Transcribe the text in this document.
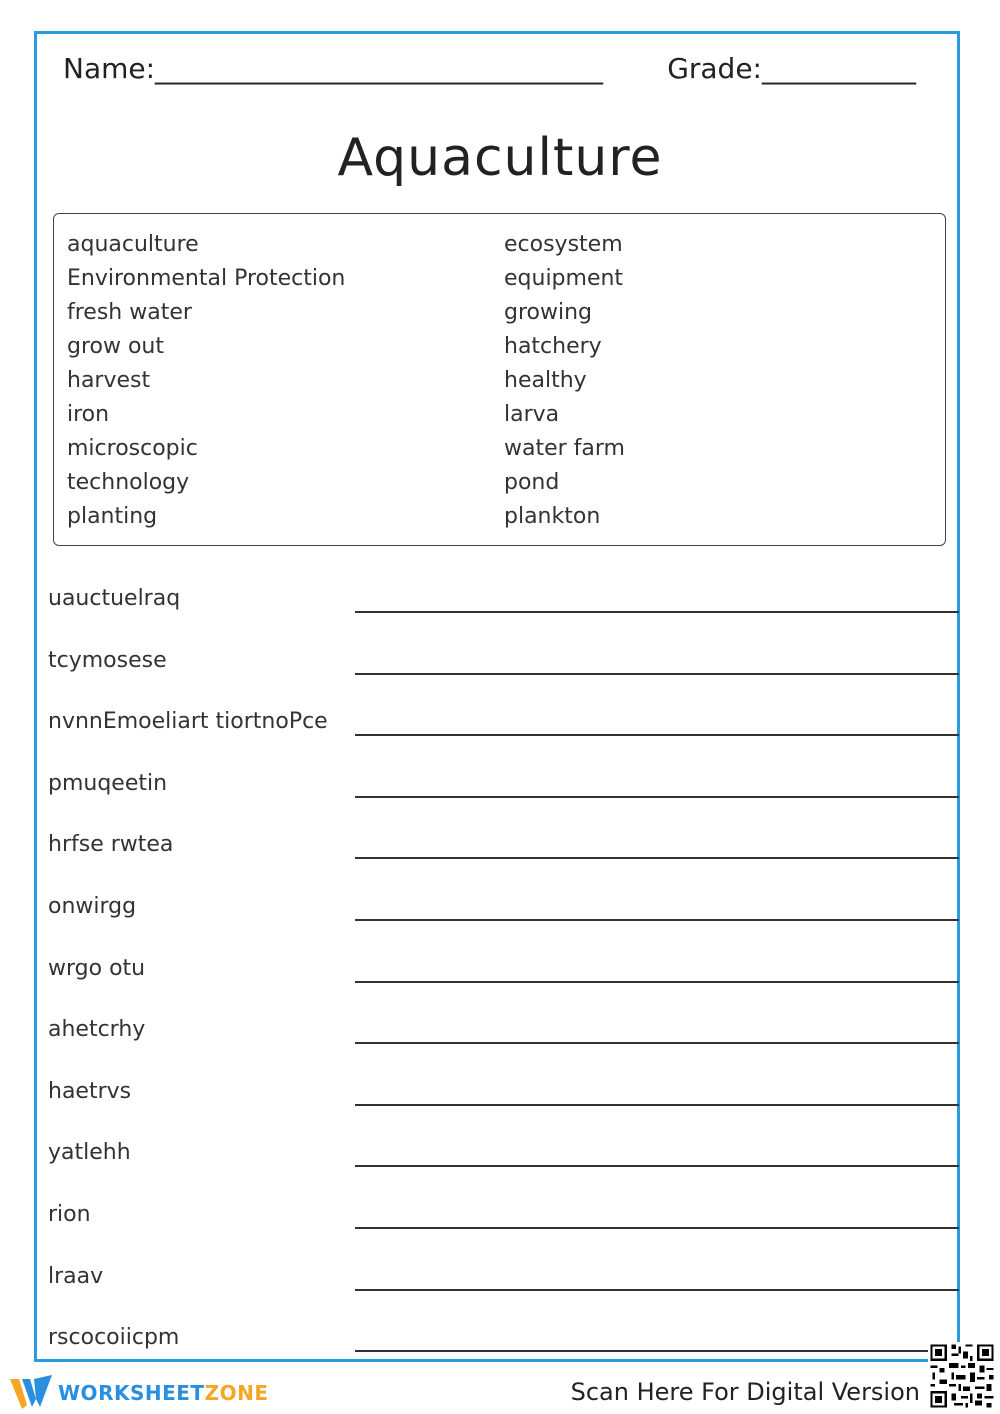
Name:________________________________ Grade:___________
Aquaculture
aquaculture
Environmental Protection
fresh water
grow out
harvest
iron
microscopic
technology
planting
ecosystem
equipment
growing
hatchery
healthy
larva
water farm
pond
plankton
uauctuelraq
tcymosese
nvnnEmoeliart tiortnoPce
pmuqeetin
hrfse rwtea
onwirgg
wrgo otu
ahetcrhy
haetrvs
yatlehh
rion
lraav
rscocoiicpm
WORKSHEETZONE	Scan Here For Digital Version
